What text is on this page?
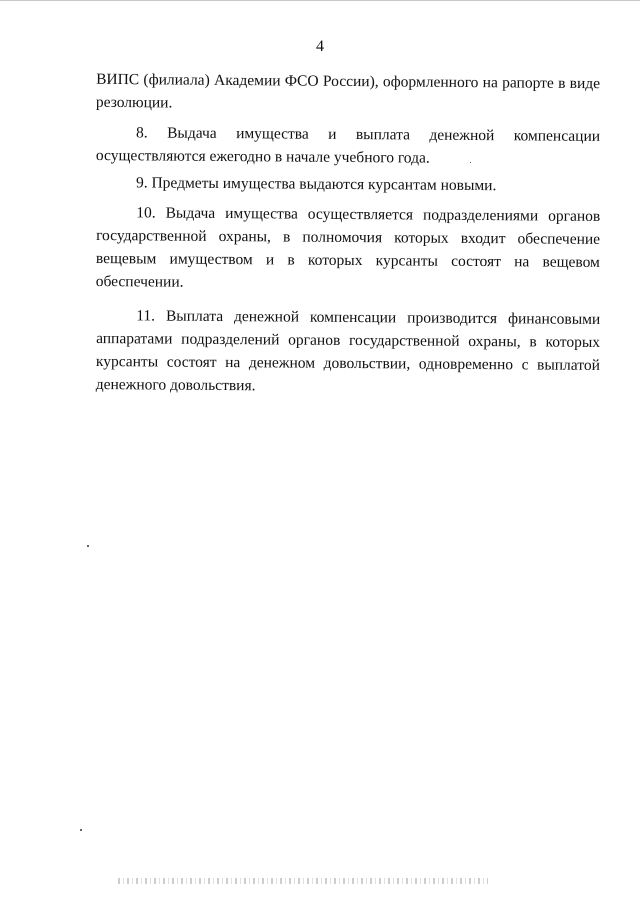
4
ВИПС (филиала) Академии ФСО России), оформленного на рапорте в виде
резолюции.
8. Выдача имущества и выплата денежной компенсации
осуществляются ежегодно в начале учебного года.
9. Предметы имущества выдаются курсантам новыми.
10. Выдача имущества осуществляется подразделениями органов
государственной охраны, в полномочия которых входит обеспечение
вещевым имуществом и в которых курсанты состоят на вещевом
обеспечении.
11. Выплата денежной компенсации производится финансовыми
аппаратами подразделений органов государственной охраны, в которых
курсанты состоят на денежном довольствии, одновременно с выплатой
денежного довольствия.
